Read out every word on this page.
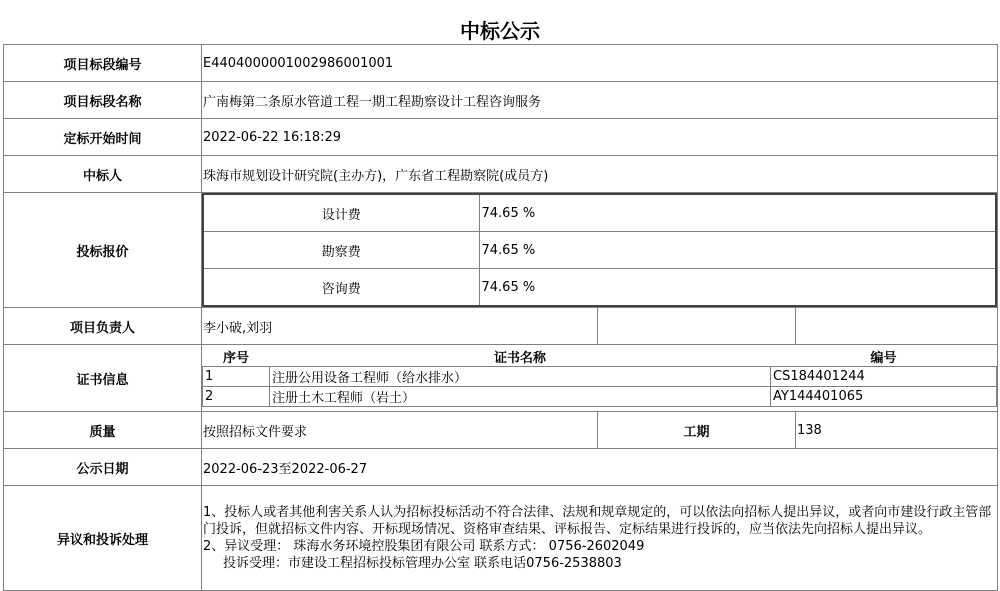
中标公示
项目标段编号	E4404000001002986001001
项目标段名称	广南梅第二条原水管道工程一期工程勘察设计工程咨询服务
定标开始时间	2022-06-22 16:18:29
中标人	珠海市规划设计研究院(主办方)，广东省工程勘察院(成员方)
投标报价	
设计费	74.65 %
勘察费	74.65 %
咨询费	74.65 %

项目负责人	李小破,刘羽		
证书信息	
序号	证书名称	编号
1	注册公用设备工程师（给水排水）	CS184401244
2	注册土木工程师（岩土）	AY144401065

质量	按照招标文件要求	工期	138
公示日期	2022-06-23至2022-06-27
异议和投诉处理	
1、投标人或者其他利害关系人认为招标投标活动不符合法律、法规和规章规定的，可以依法向招标人提出异议，或者向市建设行政主管部门投诉，但就招标文件内容、开标现场情况、资格审查结果、评标报告、定标结果进行投诉的，应当依法先向招标人提出异议。
2、异议受理： 珠海水务环境控股集团有限公司 联系方式： 0756-2602049
投诉受理：市建设工程招标投标管理办公室 联系电话0756-2538803
